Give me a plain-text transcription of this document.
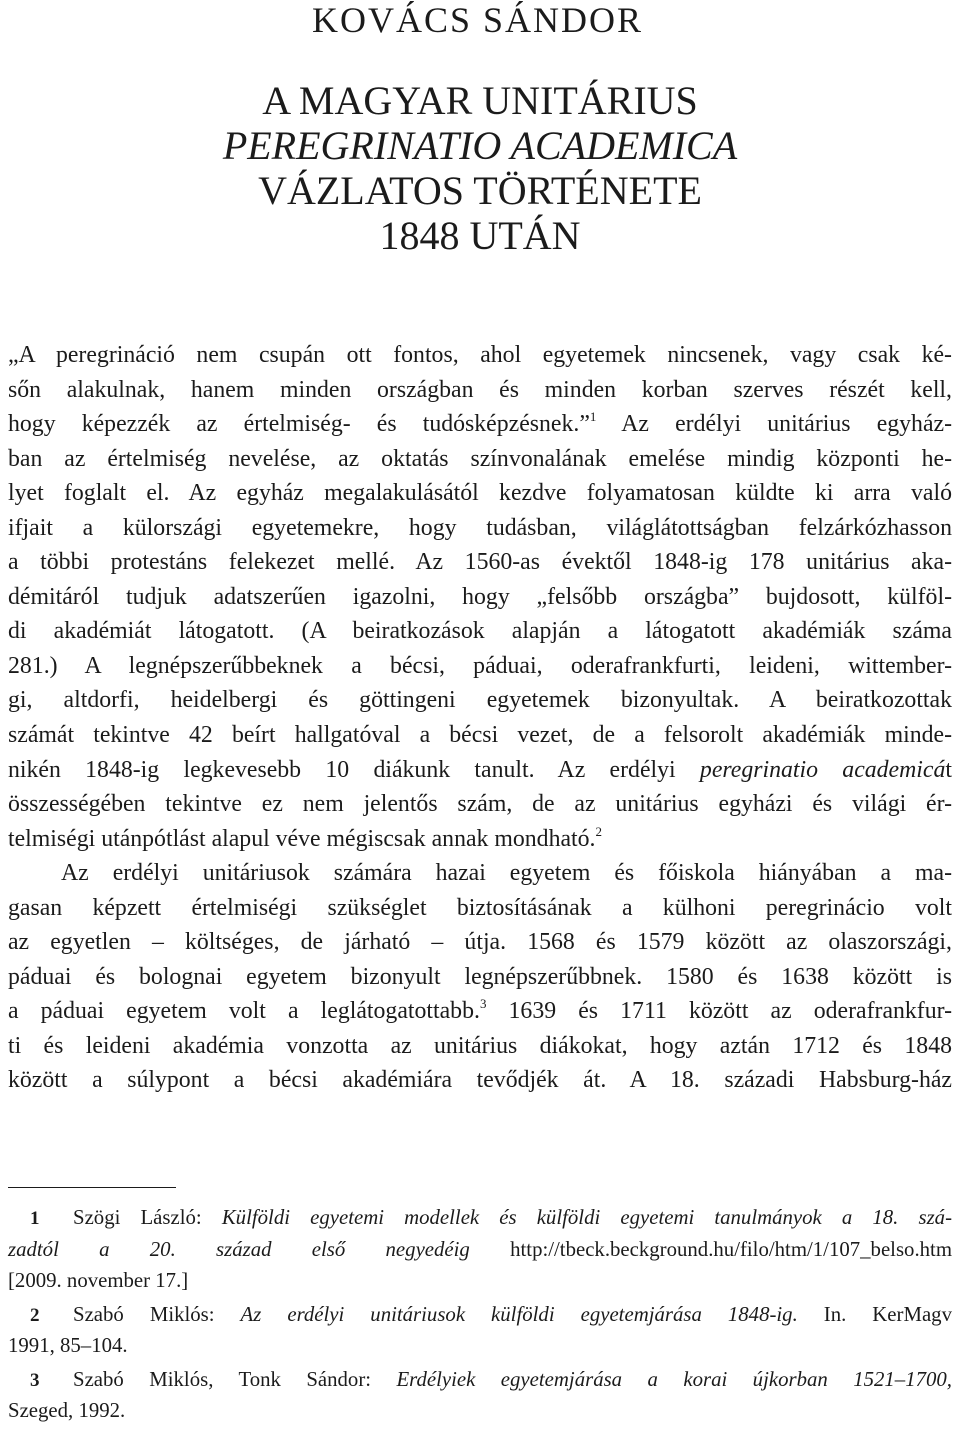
KOVÁCS SÁNDOR
A MAGYAR UNITÁRIUS
PEREGRINATIO ACADEMICA
VÁZLATOS TÖRTÉNETE
1848 UTÁN
„A peregrináció nem csupán ott fontos, ahol egyetemek nincsenek, vagy csak ké-
sőn alakulnak, hanem minden országban és minden korban szerves részét kell,
hogy képezzék az értelmiség- és tudósképzésnek.”$^1$ Az erdélyi unitárius egyház-
ban az értelmiség nevelése, az oktatás színvonalának emelése mindig központi he-
lyet foglalt el. Az egyház megalakulásától kezdve folyamatosan küldte ki arra való
ifjait a külországi egyetemekre, hogy tudásban, világlátottságban felzárkózhasson
a többi protestáns felekezet mellé. Az 1560-as évektől 1848-ig 178 unitárius aka-
démitáról tudjuk adatszerűen igazolni, hogy „felsőbb országba” bujdosott, külföl-
di akadémiát látogatott. (A beiratkozások alapján a látogatott akadémiák száma
281.) A legnépszerűbbeknek a bécsi, páduai, oderafrankfurti, leideni, wittember-
gi, altdorfi, heidelbergi és göttingeni egyetemek bizonyultak. A beiratkozottak
számát tekintve 42 beírt hallgatóval a bécsi vezet, de a felsorolt akadémiák minde-
nikén 1848-ig legkevesebb 10 diákunk tanult. Az erdélyi peregrinatio academicát
összességében tekintve ez nem jelentős szám, de az unitárius egyházi és világi ér-
telmiségi utánpótlást alapul véve mégiscsak annak mondható.$^2$
Az erdélyi unitáriusok számára hazai egyetem és főiskola hiányában a ma-
gasan képzett értelmiségi szükséglet biztosításának a külhoni peregrinácio volt
az egyetlen – költséges, de járható – útja. 1568 és 1579 között az olaszországi,
páduai és bolognai egyetem bizonyult legnépszerűbbnek. 1580 és 1638 között is
a páduai egyetem volt a leglátogatottabb.$^3$ 1639 és 1711 között az oderafrankfur-
ti és leideni akadémia vonzotta az unitárius diákokat, hogy aztán 1712 és 1848
között a súlypont a bécsi akadémiára tevődjék át. A 18. századi Habsburg-ház
1 Szögi László: Külföldi egyetemi modellek és külföldi egyetemi tanulmányok a 18. szá-
zadtól a 20. század első negyedéig http://tbeck.beckground.hu/filo/htm/1/107_belso.htm
[2009. november 17.]
2 Szabó Miklós: Az erdélyi unitáriusok külföldi egyetemjárása 1848-ig. In. KerMagv
1991, 85–104.
3 Szabó Miklós, Tonk Sándor: Erdélyiek egyetemjárása a korai újkorban 1521–1700,
Szeged, 1992.
